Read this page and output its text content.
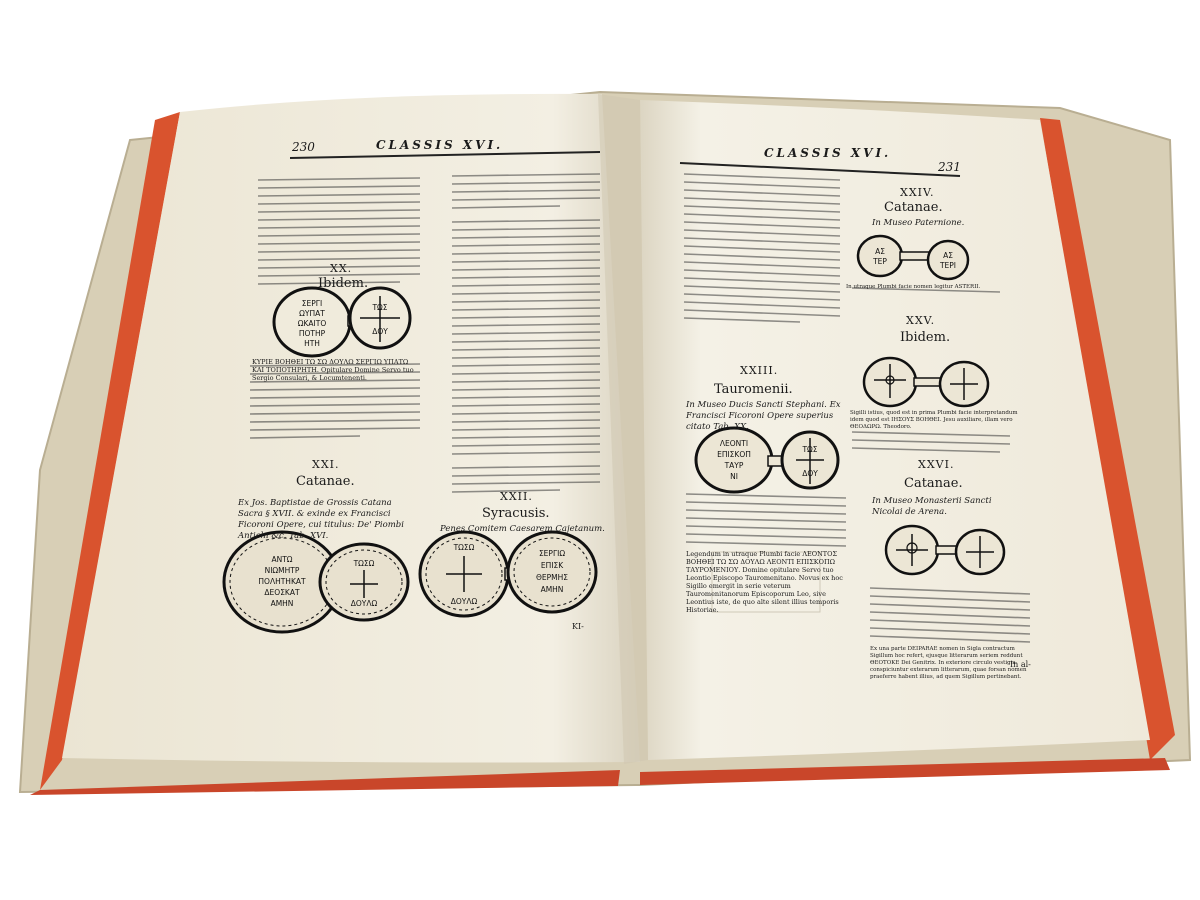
ΣΕΡΓΙ
ΩΥΠΑΤ
ΩΚΑΙΤΟ
ΠΟΤΗΡ
ΗΤΗ
ΤΩΣ
ΔΟΥ
ΑΝΤΩ
ΝΙΩΜΗΤΡ
ΠΟΛΗΤΗΚΑΤ
ΔΕΟΣΚΑΤ
ΑΜΗΝ
ΤΩΣΩ
ΔΟΥΛΩ
ΤΩΣΩ
ΔΟΥΛΩ
ΣΕΡΓΙΩ
ΕΠΙΣΚ
ΘΕΡΜΗΣ
ΑΜΗΝ
ΑΣ
ΤΕΡ
ΑΣ
ΤΕΡΙ
ΛΕΟΝΤΙ
ΕΠΙΣΚΟΠ
ΤΑΥΡ
ΝΙ
ΤΩΣ
ΔΟΥ
230	CLASSIS XVI.
XX.
Ibidem.
ΚΥΡΙΕ ΒΟΗΘΕΙ ΤΩ ΣΩ ΔΟΥΛΩ ΣΕΡΓΙΩ ΥΠΑΤΩ ΚΑΙ ΤΟΠΟΤΗΡΗΤΗ. Opitulare Domine Servo tuo Sergio Consulari, & Locumtenenti.
XXI.
Catanae.
Ex Jos. Baptistae de Grossis Catana Sacra § XVII. & exinde ex Francisci Ficoroni Opere, cui titulus: De' Piombi Antichi &c. Tab. XVI.
XXII.
Syracusis.
Penes Comitem Caesarem Cajetanum.
KI-
CLASSIS XVI.
231
XXIV.
Catanae.
In Museo Paternione.
In utraque Plumbi facie nomen legitur ASTERII.
XXV.
Ibidem.
Sigilli istius, quod est in prima Plumbi facie interpretandum idem quod est ΙΗΣΟΥΣ ΒΟΗΘΕΙ. Jesu auxiliare, illam vero ΘΕΟΔΩΡΩ. Theodoro.
XXIII.
Tauromenii.
In Museo Ducis Sancti Stephani. Ex Francisci Ficoroni Opere superius citato Tab. XX.
Legendum in utraque Plumbi facie ΛΕΟΝΤΟΣ ΒΟΗΘΕΙ ΤΩ ΣΩ ΔΟΥΛΩ ΛΕΟΝΤΙ ΕΠΙΣΚΟΠΩ ΤΑΥΡΟΜΕΝΙΟΥ. Domine opitulare Servo tuo Leontio Episcopo Tauromenitano. Novus ex hoc Sigillo emergit in serie veterum Tauromenitanorum Episcoporum Leo, sive Leontius iste, de quo alte silent illius temporis Historiae.
XXVI.
Catanae.
In Museo Monasterii Sancti Nicolai de Arena.
Ex una parte DEIPARAE nomen in Sigla contractum Sigillum hoc refert, ejusque litterarum seriem reddunt ΘΕΟΤΟΚΕ Dei Genitrix. In exteriore circulo vestigia conspiciuntur exterarum litterarum, quae forsan nomen praeferre habent illius, ad quem Sigillum pertinebant.
In al-
